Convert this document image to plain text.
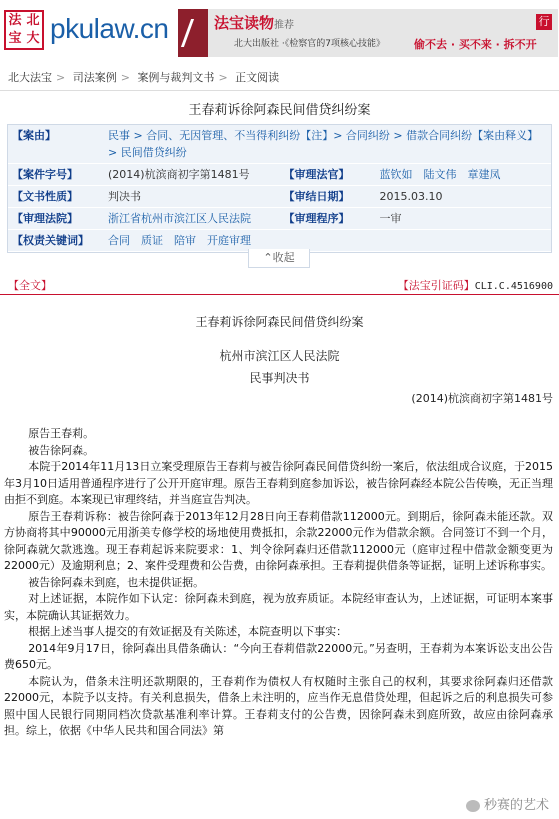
法 北
宝 大 pkulaw.cn	法宝读物推荐
北大出版社 ·《检察官的7项核心技能》	偷不去 · 买不来 · 拆不开
行
北大法宝 > 司法案例 > 案例与裁判文书 > 正文阅读
王春莉诉徐阿森民间借贷纠纷案
【案由】	民事 > 合同、无因管理、不当得利纠纷【注】> 合同纠纷 > 借款合同纠纷【案由释义】> 民间借贷纠纷
【案件字号】	(2014)杭滨商初字第1481号	【审理法官】	蓝钦如　陆文伟　章建凤
【文书性质】	判决书	【审结日期】	2015.03.10
【审理法院】	浙江省杭州市滨江区人民法院	【审理程序】	一审
【权责关键词】	合同　质证　陪审　开庭审理
⌃收起
【全文】	【法宝引证码】CLI.C.4516900
王春莉诉徐阿森民间借贷纠纷案
杭州市滨江区人民法院
民事判决书
(2014)杭滨商初字第1481号

原告王春莉。

被告徐阿森。

本院于2014年11月13日立案受理原告王春莉与被告徐阿森民间借贷纠纷一案后，依法组成合议庭，于2015年3月10日适用普通程序进行了公开开庭审理。原告王春莉到庭参加诉讼，被告徐阿森经本院公告传唤，无正当理由拒不到庭。本案现已审理终结，并当庭宣告判决。

原告王春莉诉称：被告徐阿森于2013年12月28日向王春莉借款112000元。到期后，徐阿森未能还款。双方协商将其中90000元用浙美专修学校的场地使用费抵扣，余款22000元作为借款余额。合同签订不到一个月，徐阿森就欠款逃逸。现王春莉起诉来院要求：1、判令徐阿森归还借款112000元（庭审过程中借款金额变更为22000元）及逾期利息；2、案件受理费和公告费，由徐阿森承担。王春莉提供借条等证据，证明上述诉称事实。

被告徐阿森未到庭，也未提供证据。

对上述证据，本院作如下认定：徐阿森未到庭，视为放弃质证。本院经审查认为，上述证据，可证明本案事实，本院确认其证据效力。

根据上述当事人提交的有效证据及有关陈述，本院查明以下事实：

2014年9月17日，徐阿森出具借条确认：“今向王春莉借款22000元。”另查明，王春莉为本案诉讼支出公告费650元。

本院认为，借条未注明还款期限的，王春莉作为债权人有权随时主张自己的权利，其要求徐阿森归还借款22000元，本院予以支持。有关利息损失，借条上未注明的，应当作无息借贷处理，但起诉之后的利息损失可参照中国人民银行同期同档次贷款基准利率计算。王春莉支付的公告费，因徐阿森未到庭所致，故应由徐阿森承担。综上，依据《中华人民共和国合同法》第

秒赛的艺术
